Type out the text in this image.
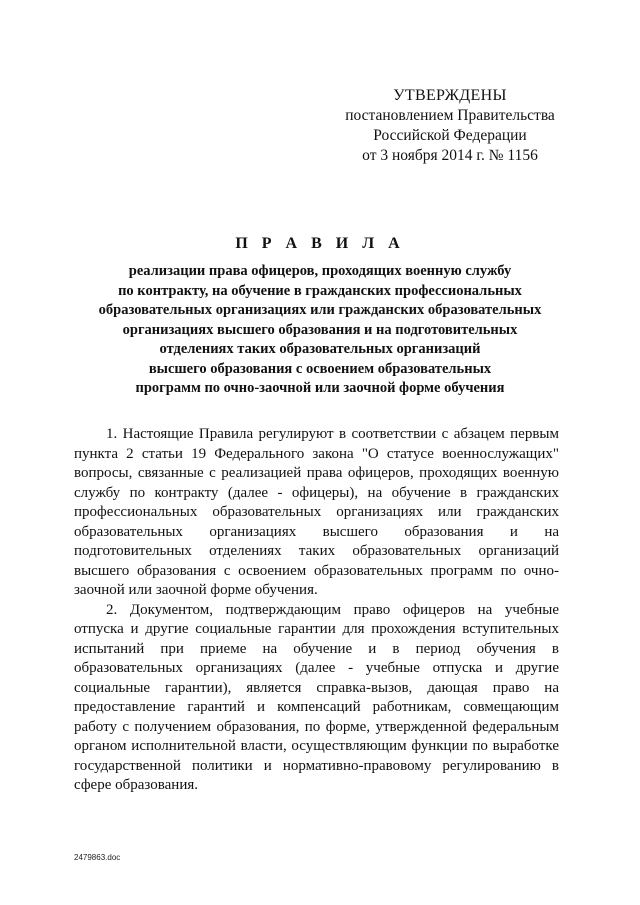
УТВЕРЖДЕНЫ
постановлением Правительства
Российской Федерации
от 3 ноября 2014 г. № 1156
П Р А В И Л А
реализации права офицеров, проходящих военную службу
по контракту, на обучение в гражданских профессиональных
образовательных организациях или гражданских образовательных
организациях высшего образования и на подготовительных
отделениях таких образовательных организаций
высшего образования с освоением образовательных
программ по очно-заочной или заочной форме обучения

1. Настоящие Правила регулируют в соответствии с абзацем первым пункта 2 статьи 19 Федерального закона "О статусе военнослужащих" вопросы, связанные с реализацией права офицеров, проходящих военную службу по контракту (далее - офицеры), на обучение в гражданских профессиональных образовательных организациях или гражданских образовательных организациях высшего образования и на подготовительных отделениях таких образовательных организаций высшего образования с освоением образовательных программ по очно-заочной или заочной форме обучения.

2. Документом, подтверждающим право офицеров на учебные отпуска и другие социальные гарантии для прохождения вступительных испытаний при приеме на обучение и в период обучения в образовательных организациях (далее - учебные отпуска и другие социальные гарантии), является справка-вызов, дающая право на предоставление гарантий и компенсаций работникам, совмещающим работу с получением образования, по форме, утвержденной федеральным органом исполнительной власти, осуществляющим функции по выработке государственной политики и нормативно-правовому регулированию в сфере образования.

2479863.doc
